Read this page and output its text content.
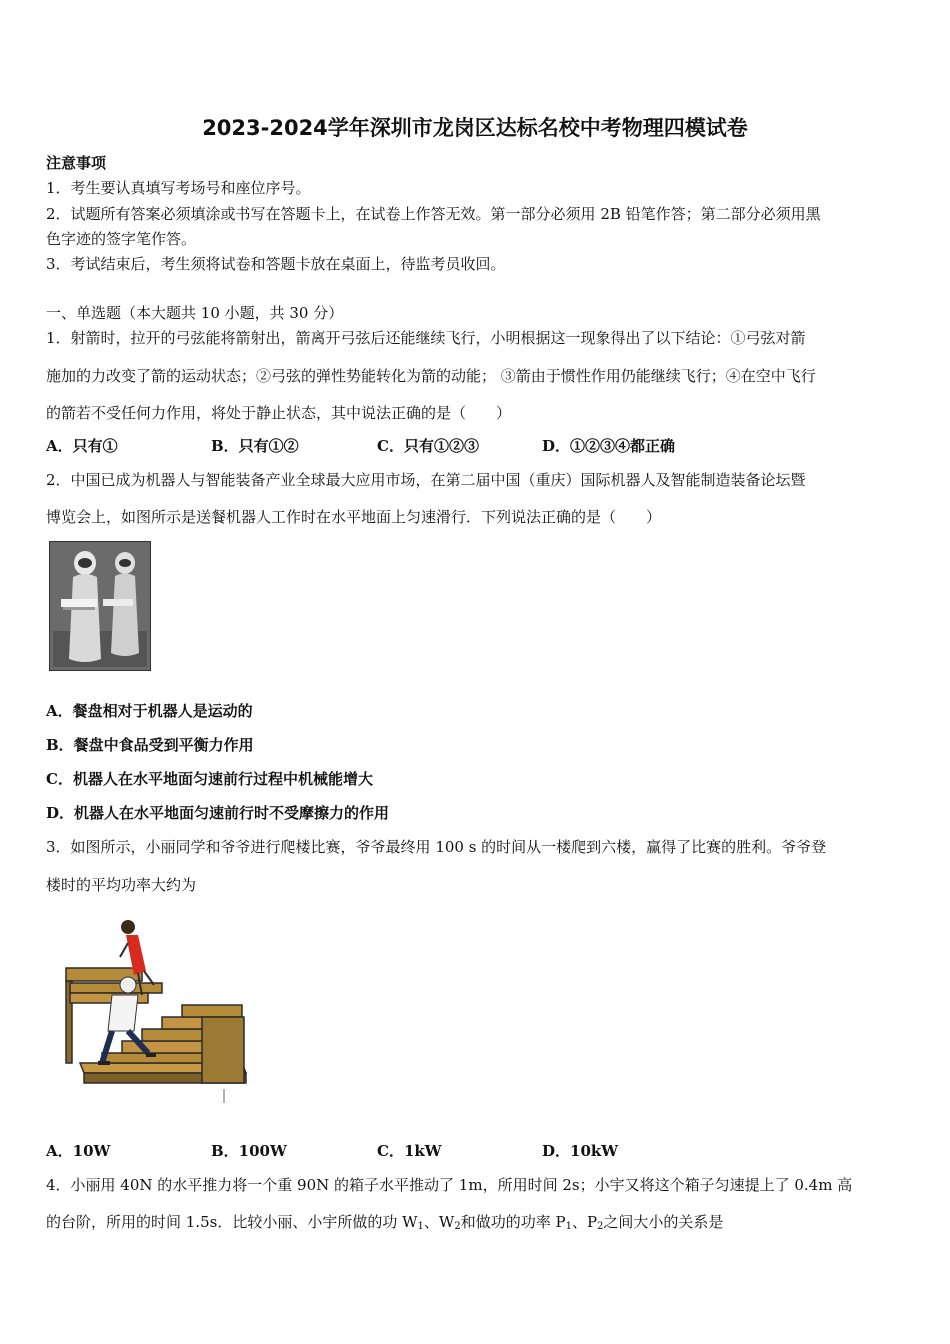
2023-2024学年深圳市龙岗区达标名校中考物理四模试卷
注意事项
1．考生要认真填写考场号和座位序号。
2．试题所有答案必须填涂或书写在答题卡上，在试卷上作答无效。第一部分必须用 2B 铅笔作答；第二部分必须用黑
色字迹的签字笔作答。
3．考试结束后，考生须将试卷和答题卡放在桌面上，待监考员收回。
一、单选题（本大题共 10 小题，共 30 分）
1．射箭时，拉开的弓弦能将箭射出，箭离开弓弦后还能继续飞行，小明根据这一现象得出了以下结论：①弓弦对箭
施加的力改变了箭的运动状态；②弓弦的弹性势能转化为箭的动能； ③箭由于惯性作用仍能继续飞行；④在空中飞行
的箭若不受任何力作用，将处于静止状态，其中说法正确的是（　　）
A．只有①	B．只有①②	C．只有①②③	D．①②③④都正确
2．中国已成为机器人与智能装备产业全球最大应用市场，在第二届中国（重庆）国际机器人及智能制造装备论坛暨
博览会上，如图所示是送餐机器人工作时在水平地面上匀速滑行．下列说法正确的是（　　）
A．餐盘相对于机器人是运动的
B．餐盘中食品受到平衡力作用
C．机器人在水平地面匀速前行过程中机械能增大
D．机器人在水平地面匀速前行时不受摩擦力的作用
3．如图所示，小丽同学和爷爷进行爬楼比赛，爷爷最终用 100 s 的时间从一楼爬到六楼，赢得了比赛的胜利。爷爷登
楼时的平均功率大约为
A．10W	B．100W	C．1kW	D．10kW
4．小丽用 40N 的水平推力将一个重 90N 的箱子水平推动了 1m，所用时间 2s；小宇又将这个箱子匀速提上了 0.4m 高
的台阶，所用的时间 1.5s．比较小丽、小宇所做的功 $W_1$、$W_2$和做功的功率 $P_1$、$P_2$之间大小的关系是
